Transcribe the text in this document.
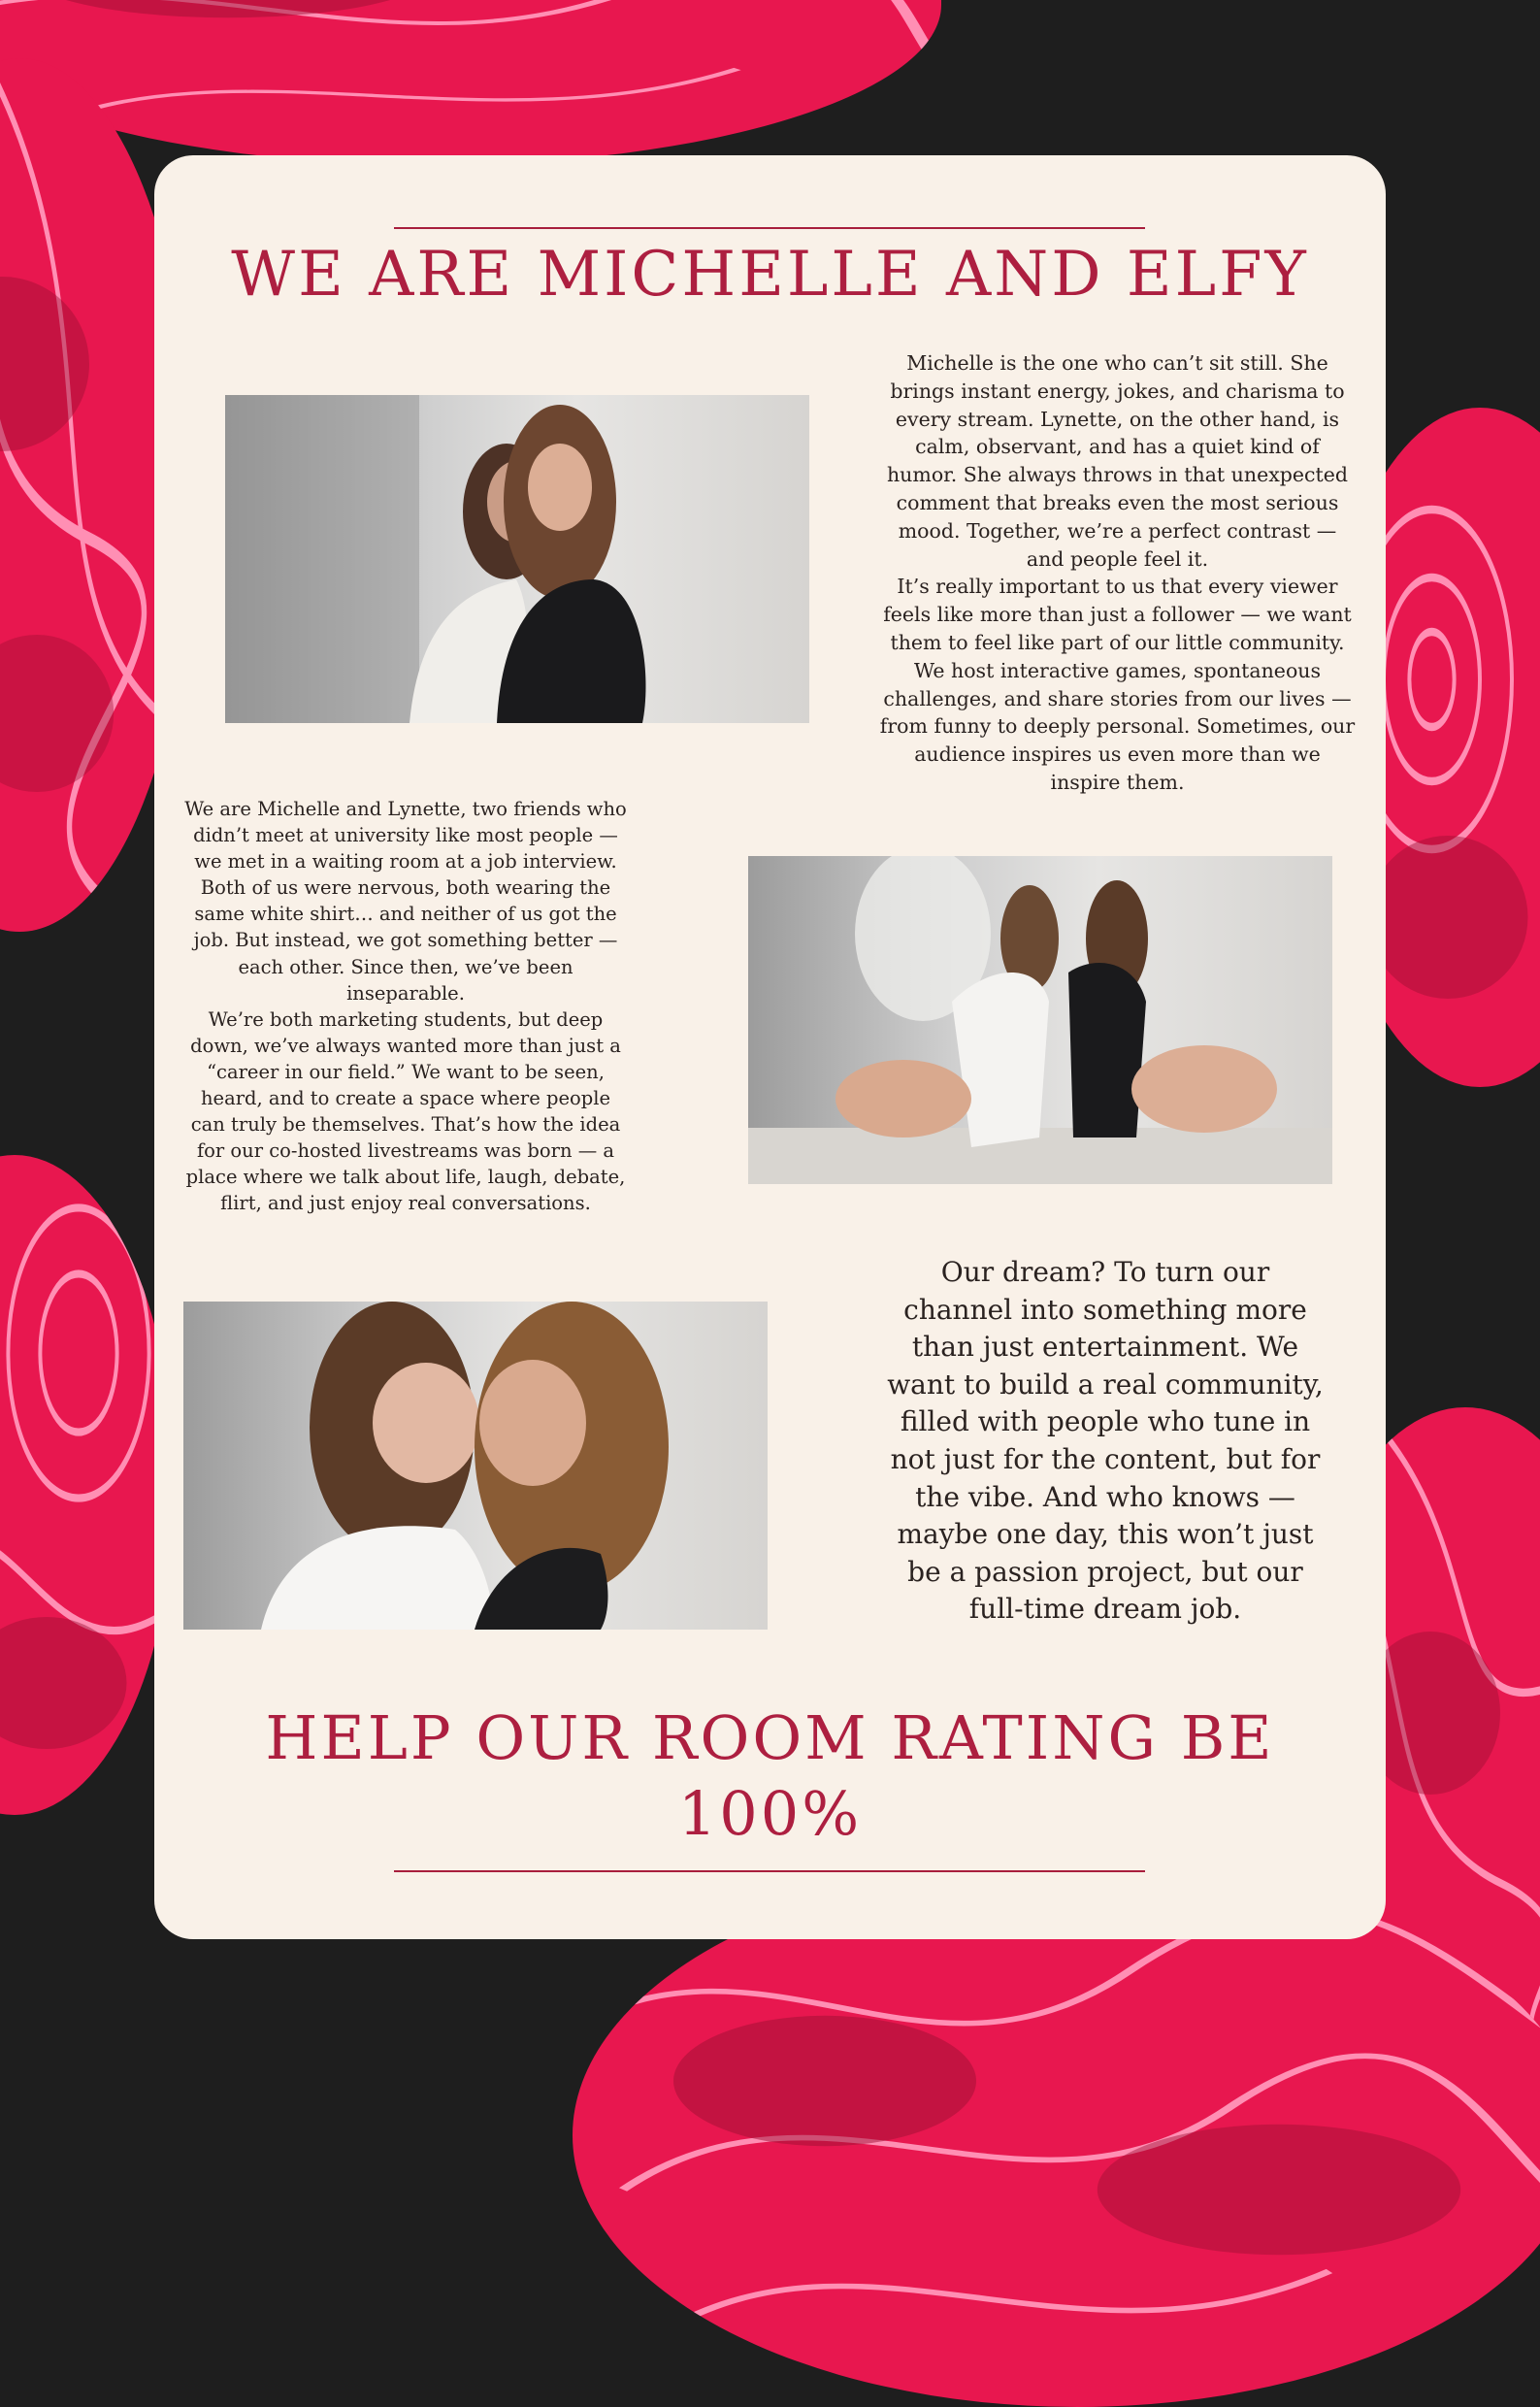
WE ARE MICHELLE AND ELFY

Michelle is the one who can’t sit still. She brings instant energy, jokes, and charisma to every stream. Lynette, on the other hand, is calm, observant, and has a quiet kind of humor. She always throws in that unexpected comment that breaks even the most serious mood. Together, we’re a perfect contrast — and people feel it.

It’s really important to us that every viewer feels like more than just a follower — we want them to feel like part of our little community. We host interactive games, spontaneous challenges, and share stories from our lives — from funny to deeply personal. Sometimes, our audience inspires us even more than we inspire them.

We are Michelle and Lynette, two friends who didn’t meet at university like most people — we met in a waiting room at a job interview. Both of us were nervous, both wearing the same white shirt… and neither of us got the job. But instead, we got something better — each other. Since then, we’ve been inseparable.

We’re both marketing students, but deep down, we’ve always wanted more than just a “career in our field.” We want to be seen, heard, and to create a space where people can truly be themselves. That’s how the idea for our co-hosted livestreams was born — a place where we talk about life, laugh, debate, flirt, and just enjoy real conversations.

Our dream? To turn our channel into something more than just entertainment. We want to build a real community, filled with people who tune in not just for the content, but for the vibe. And who knows — maybe one day, this won’t just be a passion project, but our full-time dream job.

HELP OUR ROOM RATING BE 100%
